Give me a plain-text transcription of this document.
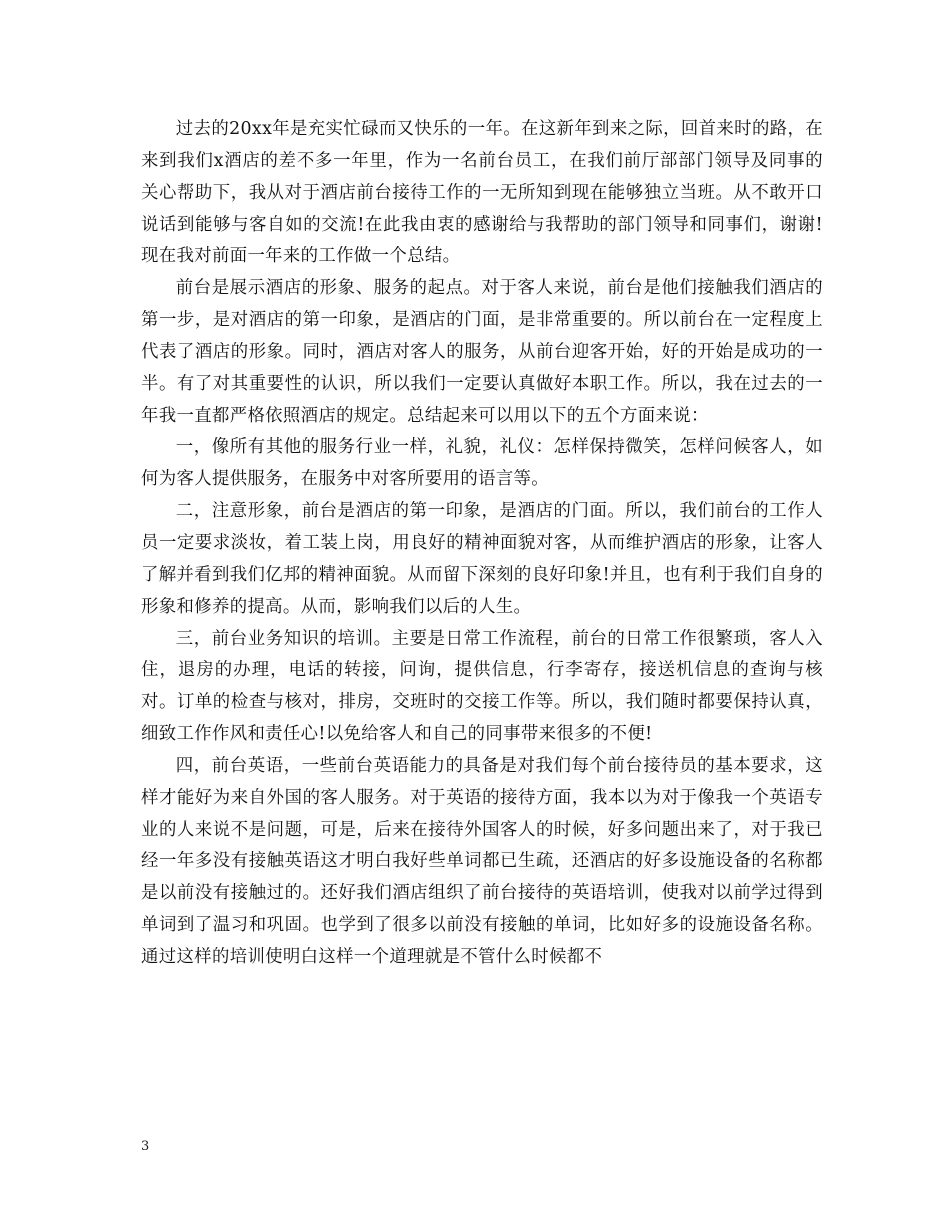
过去的20xx年是充实忙碌而又快乐的一年。在这新年到来之际，回首来时的路，在来到我们x酒店的差不多一年里，作为一名前台员工，在我们前厅部部门领导及同事的关心帮助下，我从对于酒店前台接待工作的一无所知到现在能够独立当班。从不敢开口说话到能够与客自如的交流!在此我由衷的感谢给与我帮助的部门领导和同事们，谢谢!现在我对前面一年来的工作做一个总结。

前台是展示酒店的形象、服务的起点。对于客人来说，前台是他们接触我们酒店的第一步，是对酒店的第一印象，是酒店的门面，是非常重要的。所以前台在一定程度上代表了酒店的形象。同时，酒店对客人的服务，从前台迎客开始，好的开始是成功的一半。有了对其重要性的认识，所以我们一定要认真做好本职工作。所以，我在过去的一年我一直都严格依照酒店的规定。总结起来可以用以下的五个方面来说：

一，像所有其他的服务行业一样，礼貌，礼仪：怎样保持微笑，怎样问候客人，如何为客人提供服务，在服务中对客所要用的语言等。

二，注意形象，前台是酒店的第一印象，是酒店的门面。所以，我们前台的工作人员一定要求淡妆，着工装上岗，用良好的精神面貌对客，从而维护酒店的形象，让客人了解并看到我们亿邦的精神面貌。从而留下深刻的良好印象!并且，也有利于我们自身的形象和修养的提高。从而，影响我们以后的人生。

三，前台业务知识的培训。主要是日常工作流程，前台的日常工作很繁琐，客人入住，退房的办理，电话的转接，问询，提供信息，行李寄存，接送机信息的查询与核对。订单的检查与核对，排房，交班时的交接工作等。所以，我们随时都要保持认真，细致工作作风和责任心!以免给客人和自己的同事带来很多的不便!

四，前台英语，一些前台英语能力的具备是对我们每个前台接待员的基本要求，这样才能好为来自外国的客人服务。对于英语的接待方面，我本以为对于像我一个英语专业的人来说不是问题，可是，后来在接待外国客人的时候，好多问题出来了，对于我已经一年多没有接触英语这才明白我好些单词都已生疏，还酒店的好多设施设备的名称都是以前没有接触过的。还好我们酒店组织了前台接待的英语培训，使我对以前学过得到单词到了温习和巩固。也学到了很多以前没有接触的单词，比如好多的设施设备名称。通过这样的培训使明白这样一个道理就是不管什么时候都不

3
